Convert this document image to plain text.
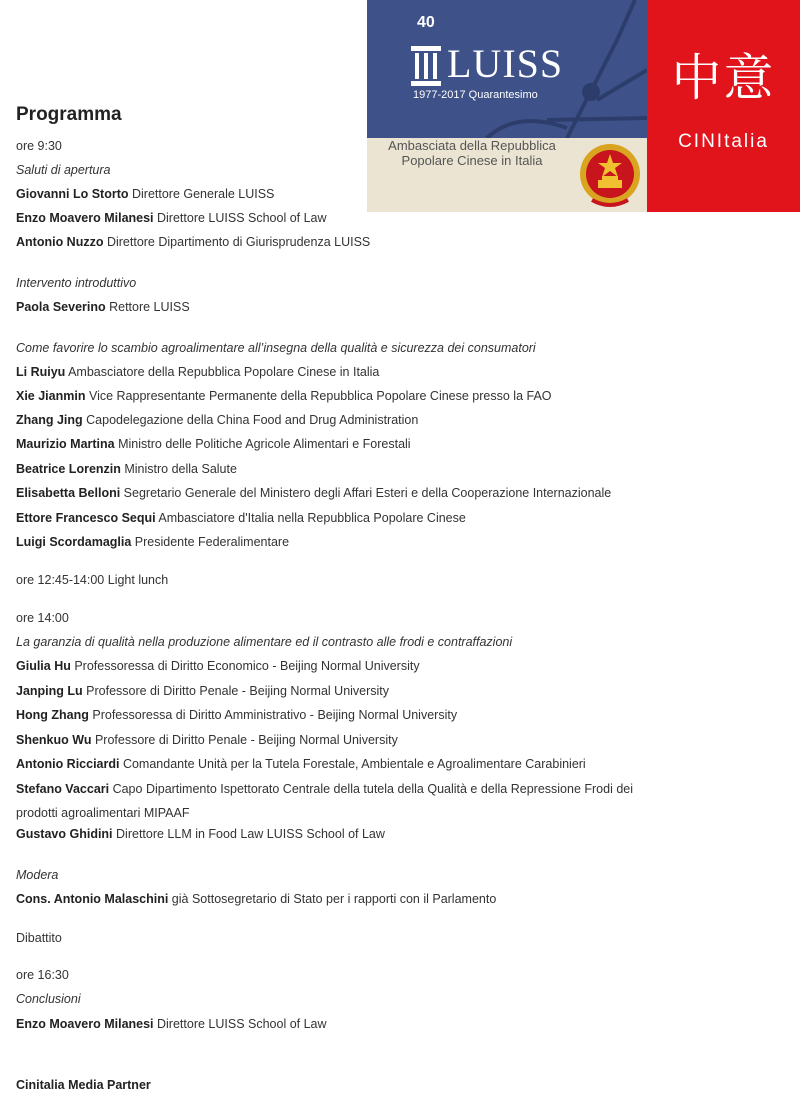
40
LUISS
1977-2017 Quarantesimo
Ambasciata della Repubblica
Popolare Cinese in Italia
中意
CINItalia
Programma
ore 9:30
Saluti di apertura
Giovanni Lo Storto Direttore Generale LUISS
Enzo Moavero Milanesi Direttore LUISS School of Law
Antonio Nuzzo Direttore Dipartimento di Giurisprudenza LUISS
Intervento introduttivo
Paola Severino Rettore LUISS
Come favorire lo scambio agroalimentare all’insegna della qualità e sicurezza dei consumatori
Li Ruiyu Ambasciatore della Repubblica Popolare Cinese in Italia
Xie Jianmin Vice Rappresentante Permanente della Repubblica Popolare Cinese presso la FAO
Zhang Jing Capodelegazione della China Food and Drug Administration
Maurizio Martina Ministro delle Politiche Agricole Alimentari e Forestali
Beatrice Lorenzin Ministro della Salute
Elisabetta Belloni Segretario Generale del Ministero degli Affari Esteri e della Cooperazione Internazionale
Ettore Francesco Sequi Ambasciatore d'Italia nella Repubblica Popolare Cinese
Luigi Scordamaglia Presidente Federalimentare
ore 12:45-14:00 Light lunch
ore 14:00
La garanzia di qualità nella produzione alimentare ed il contrasto alle frodi e contraffazioni
Giulia Hu Professoressa di Diritto Economico - Beijing Normal University
Janping Lu Professore di Diritto Penale - Beijing Normal University
Hong Zhang Professoressa di Diritto Amministrativo - Beijing Normal University
Shenkuo Wu Professore di Diritto Penale - Beijing Normal University
Antonio Ricciardi Comandante Unità per la Tutela Forestale, Ambientale e Agroalimentare Carabinieri
Stefano Vaccari Capo Dipartimento Ispettorato Centrale della tutela della Qualità e della Repressione Frodi dei
prodotti agroalimentari MIPAAF
Gustavo Ghidini Direttore LLM in Food Law LUISS School of Law
Modera
Cons. Antonio Malaschini già Sottosegretario di Stato per i rapporti con il Parlamento
Dibattito
ore 16:30
Conclusioni
Enzo Moavero Milanesi Direttore LUISS School of Law
Cinitalia Media Partner
